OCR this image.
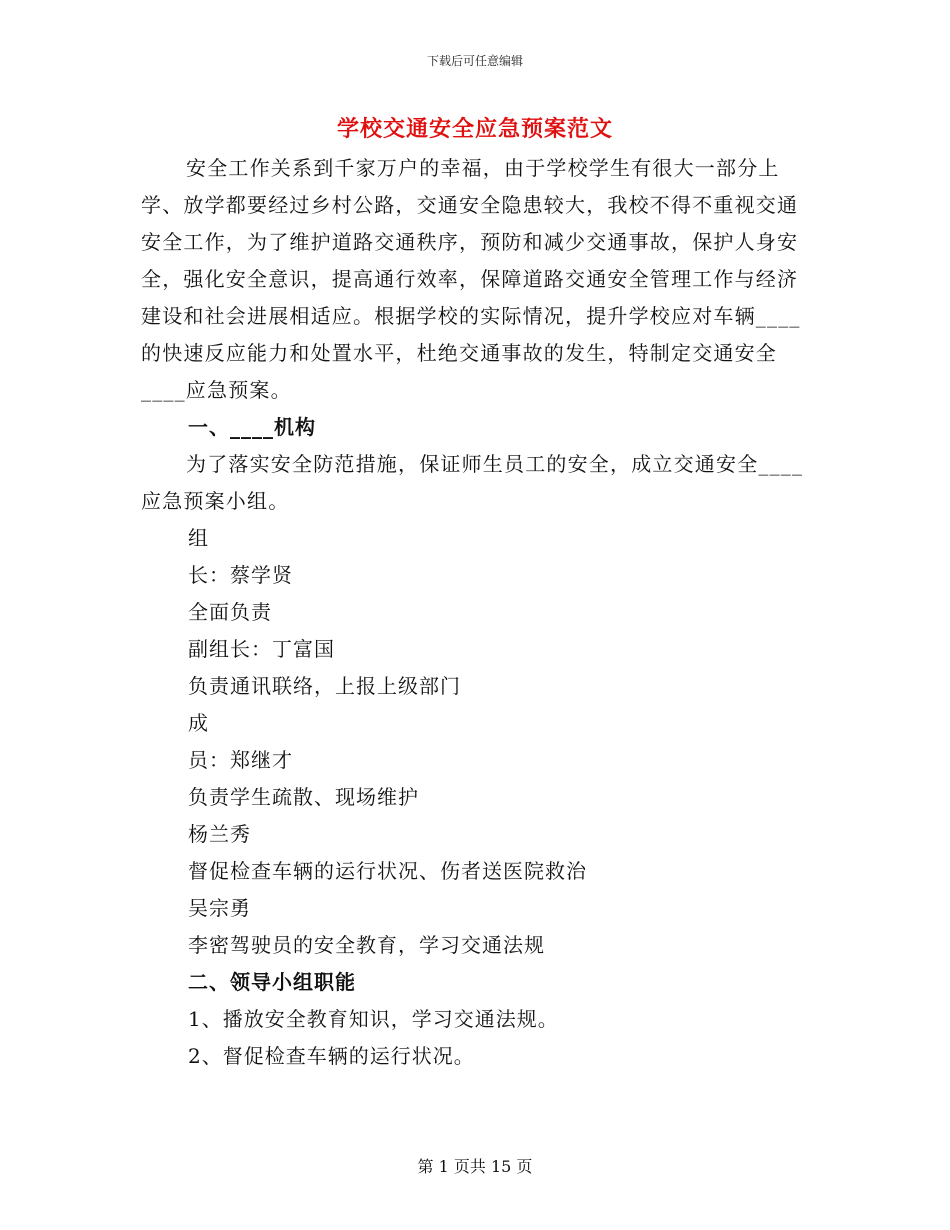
下载后可任意编辑
学校交通安全应急预案范文

安全工作关系到千家万户的幸福，由于学校学生有很大一部分上学、放学都要经过乡村公路，交通安全隐患较大，我校不得不重视交通安全工作，为了维护道路交通秩序，预防和减少交通事故，保护人身安全，强化安全意识，提高通行效率，保障道路交通安全管理工作与经济建设和社会进展相适应。根据学校的实际情况，提升学校应对车辆____的快速反应能力和处置水平，杜绝交通事故的发生，特制定交通安全____应急预案。

一、____机构

为了落实安全防范措施，保证师生员工的安全，成立交通安全____应急预案小组。

组

长：蔡学贤

全面负责

副组长：丁富国

负责通讯联络，上报上级部门

成

员：郑继才

负责学生疏散、现场维护

杨兰秀

督促检查车辆的运行状况、伤者送医院救治

吴宗勇

李密驾驶员的安全教育，学习交通法规

二、领导小组职能

1、播放安全教育知识，学习交通法规。

2、督促检查车辆的运行状况。

第 1 页共 15 页
